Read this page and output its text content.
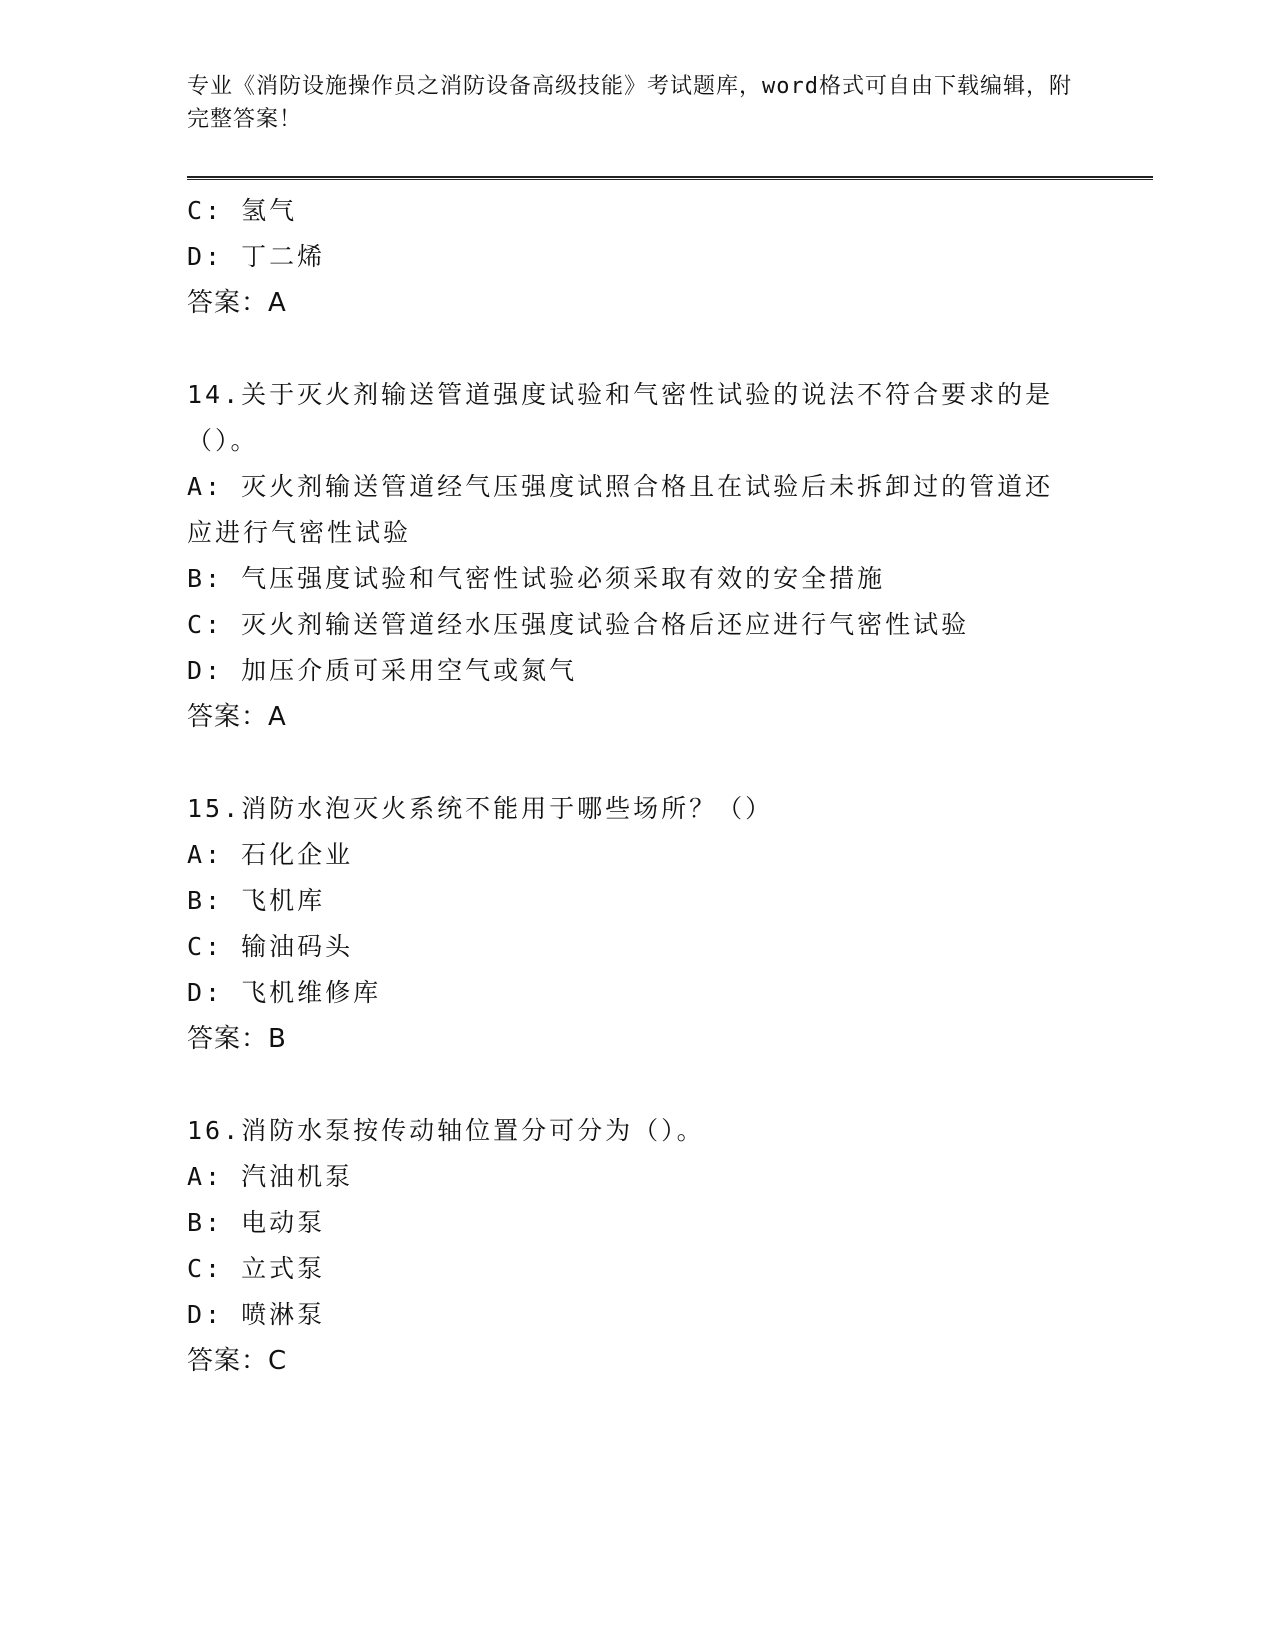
专业《消防设施操作员之消防设备高级技能》考试题库，word格式可自由下载编辑，附完整答案！
C: 氢气
D: 丁二烯
答案：A
14.关于灭火剂输送管道强度试验和气密性试验的说法不符合要求的是
（）。
A: 灭火剂输送管道经气压强度试照合格且在试验后未拆卸过的管道还
应进行气密性试验
B: 气压强度试验和气密性试验必须采取有效的安全措施
C: 灭火剂输送管道经水压强度试验合格后还应进行气密性试验
D: 加压介质可采用空气或氮气
答案：A
15.消防水泡灭火系统不能用于哪些场所？（）
A: 石化企业
B: 飞机库
C: 输油码头
D: 飞机维修库
答案：B
16.消防水泵按传动轴位置分可分为（）。
A: 汽油机泵
B: 电动泵
C: 立式泵
D: 喷淋泵
答案：C
